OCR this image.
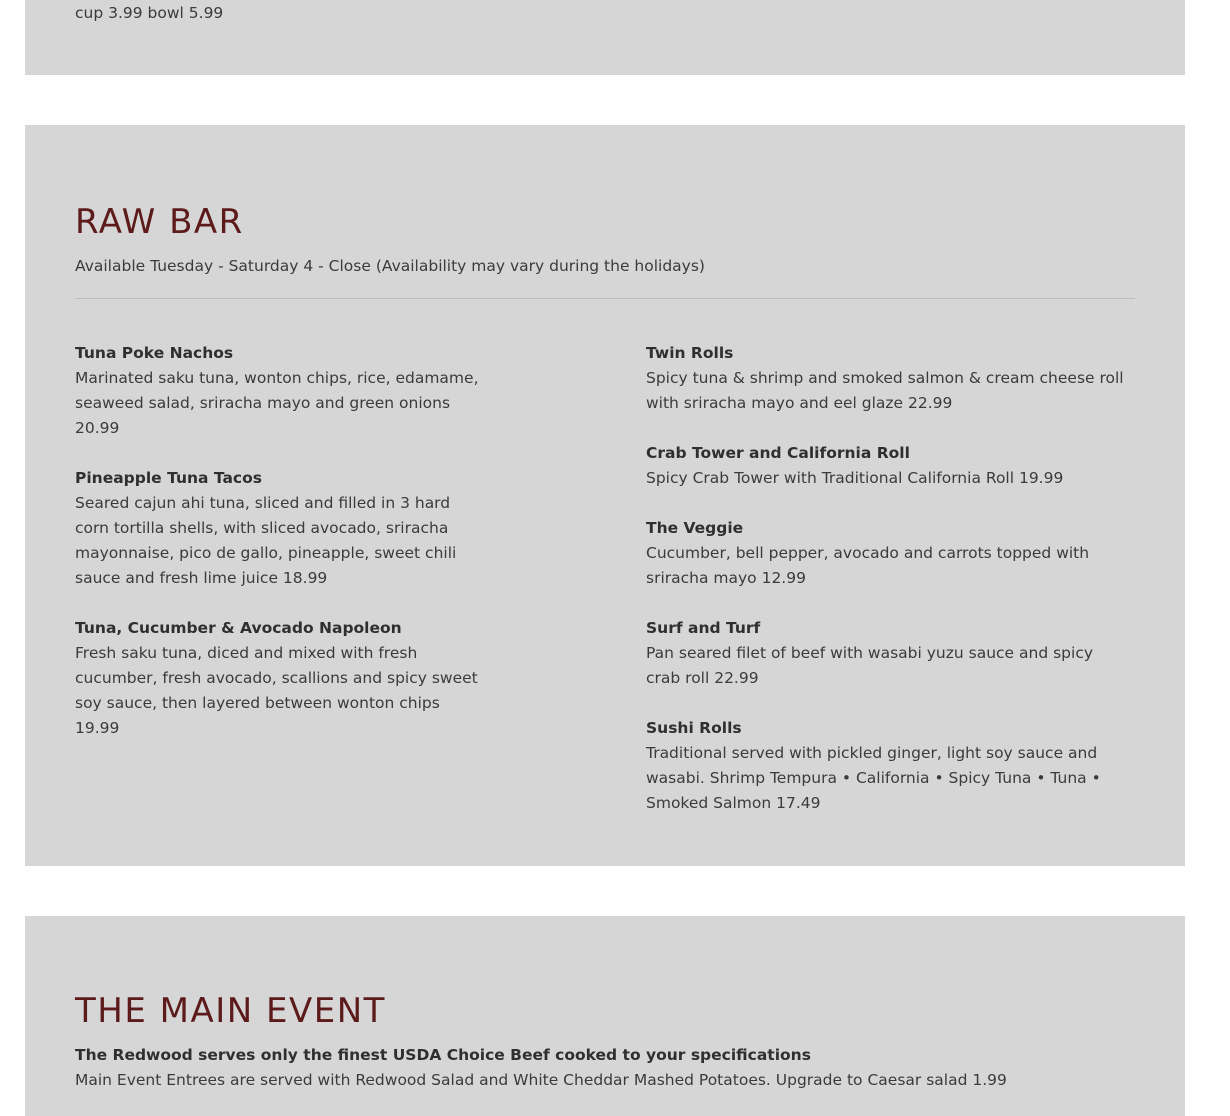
cup 3.99 bowl 5.99
RAW BAR
Available Tuesday - Saturday 4 - Close (Availability may vary during the holidays)
Tuna Poke Nachos
Marinated saku tuna, wonton chips, rice, edamame, seaweed salad, sriracha mayo and green onions 20.99
Pineapple Tuna Tacos
Seared cajun ahi tuna, sliced and filled in 3 hard corn tortilla shells, with sliced avocado, sriracha mayonnaise, pico de gallo, pineapple, sweet chili sauce and fresh lime juice 18.99
Tuna, Cucumber & Avocado Napoleon
Fresh saku tuna, diced and mixed with fresh cucumber, fresh avocado, scallions and spicy sweet soy sauce, then layered between wonton chips 19.99
Twin Rolls
Spicy tuna & shrimp and smoked salmon & cream cheese roll with sriracha mayo and eel glaze 22.99
Crab Tower and California Roll
Spicy Crab Tower with Traditional California Roll 19.99
The Veggie
Cucumber, bell pepper, avocado and carrots topped with sriracha mayo 12.99
Surf and Turf
Pan seared filet of beef with wasabi yuzu sauce and spicy crab roll 22.99
Sushi Rolls
Traditional served with pickled ginger, light soy sauce and wasabi. Shrimp Tempura • California • Spicy Tuna • Tuna • Smoked Salmon 17.49
THE MAIN EVENT
The Redwood serves only the finest USDA Choice Beef cooked to your specifications
Main Event Entrees are served with Redwood Salad and White Cheddar Mashed Potatoes. Upgrade to Caesar salad 1.99
